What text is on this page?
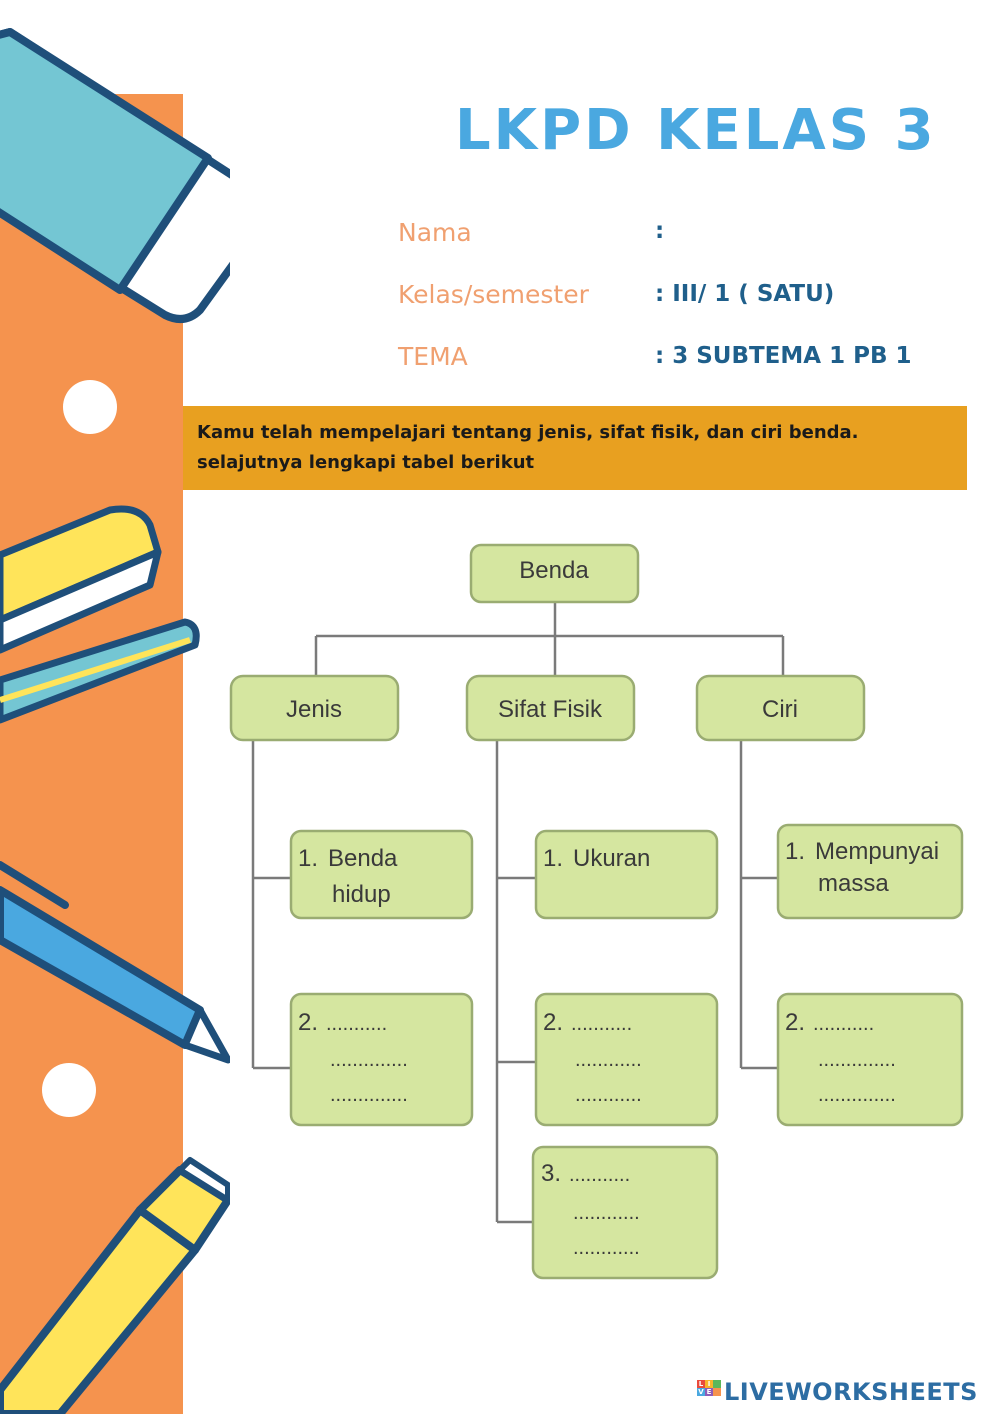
LKPD KELAS 3
Nama	:
Kelas/semester	: III/ 1 ( SATU)
TEMA	: 3 SUBTEMA 1 PB 1
Kamu telah mempelajari tentang jenis, sifat fisik, dan ciri benda.
selajutnya lengkapi tabel berikut
Benda
Jenis	Sifat Fisik	Ciri
1. Benda
hidup
2. ...........
..............
..............
1. Ukuran
2. ...........
............
............
3. ...........
............
............
1. Mempunyai
massa
2. ...........
..............
..............
L I
V E LIVEWORKSHEETS
